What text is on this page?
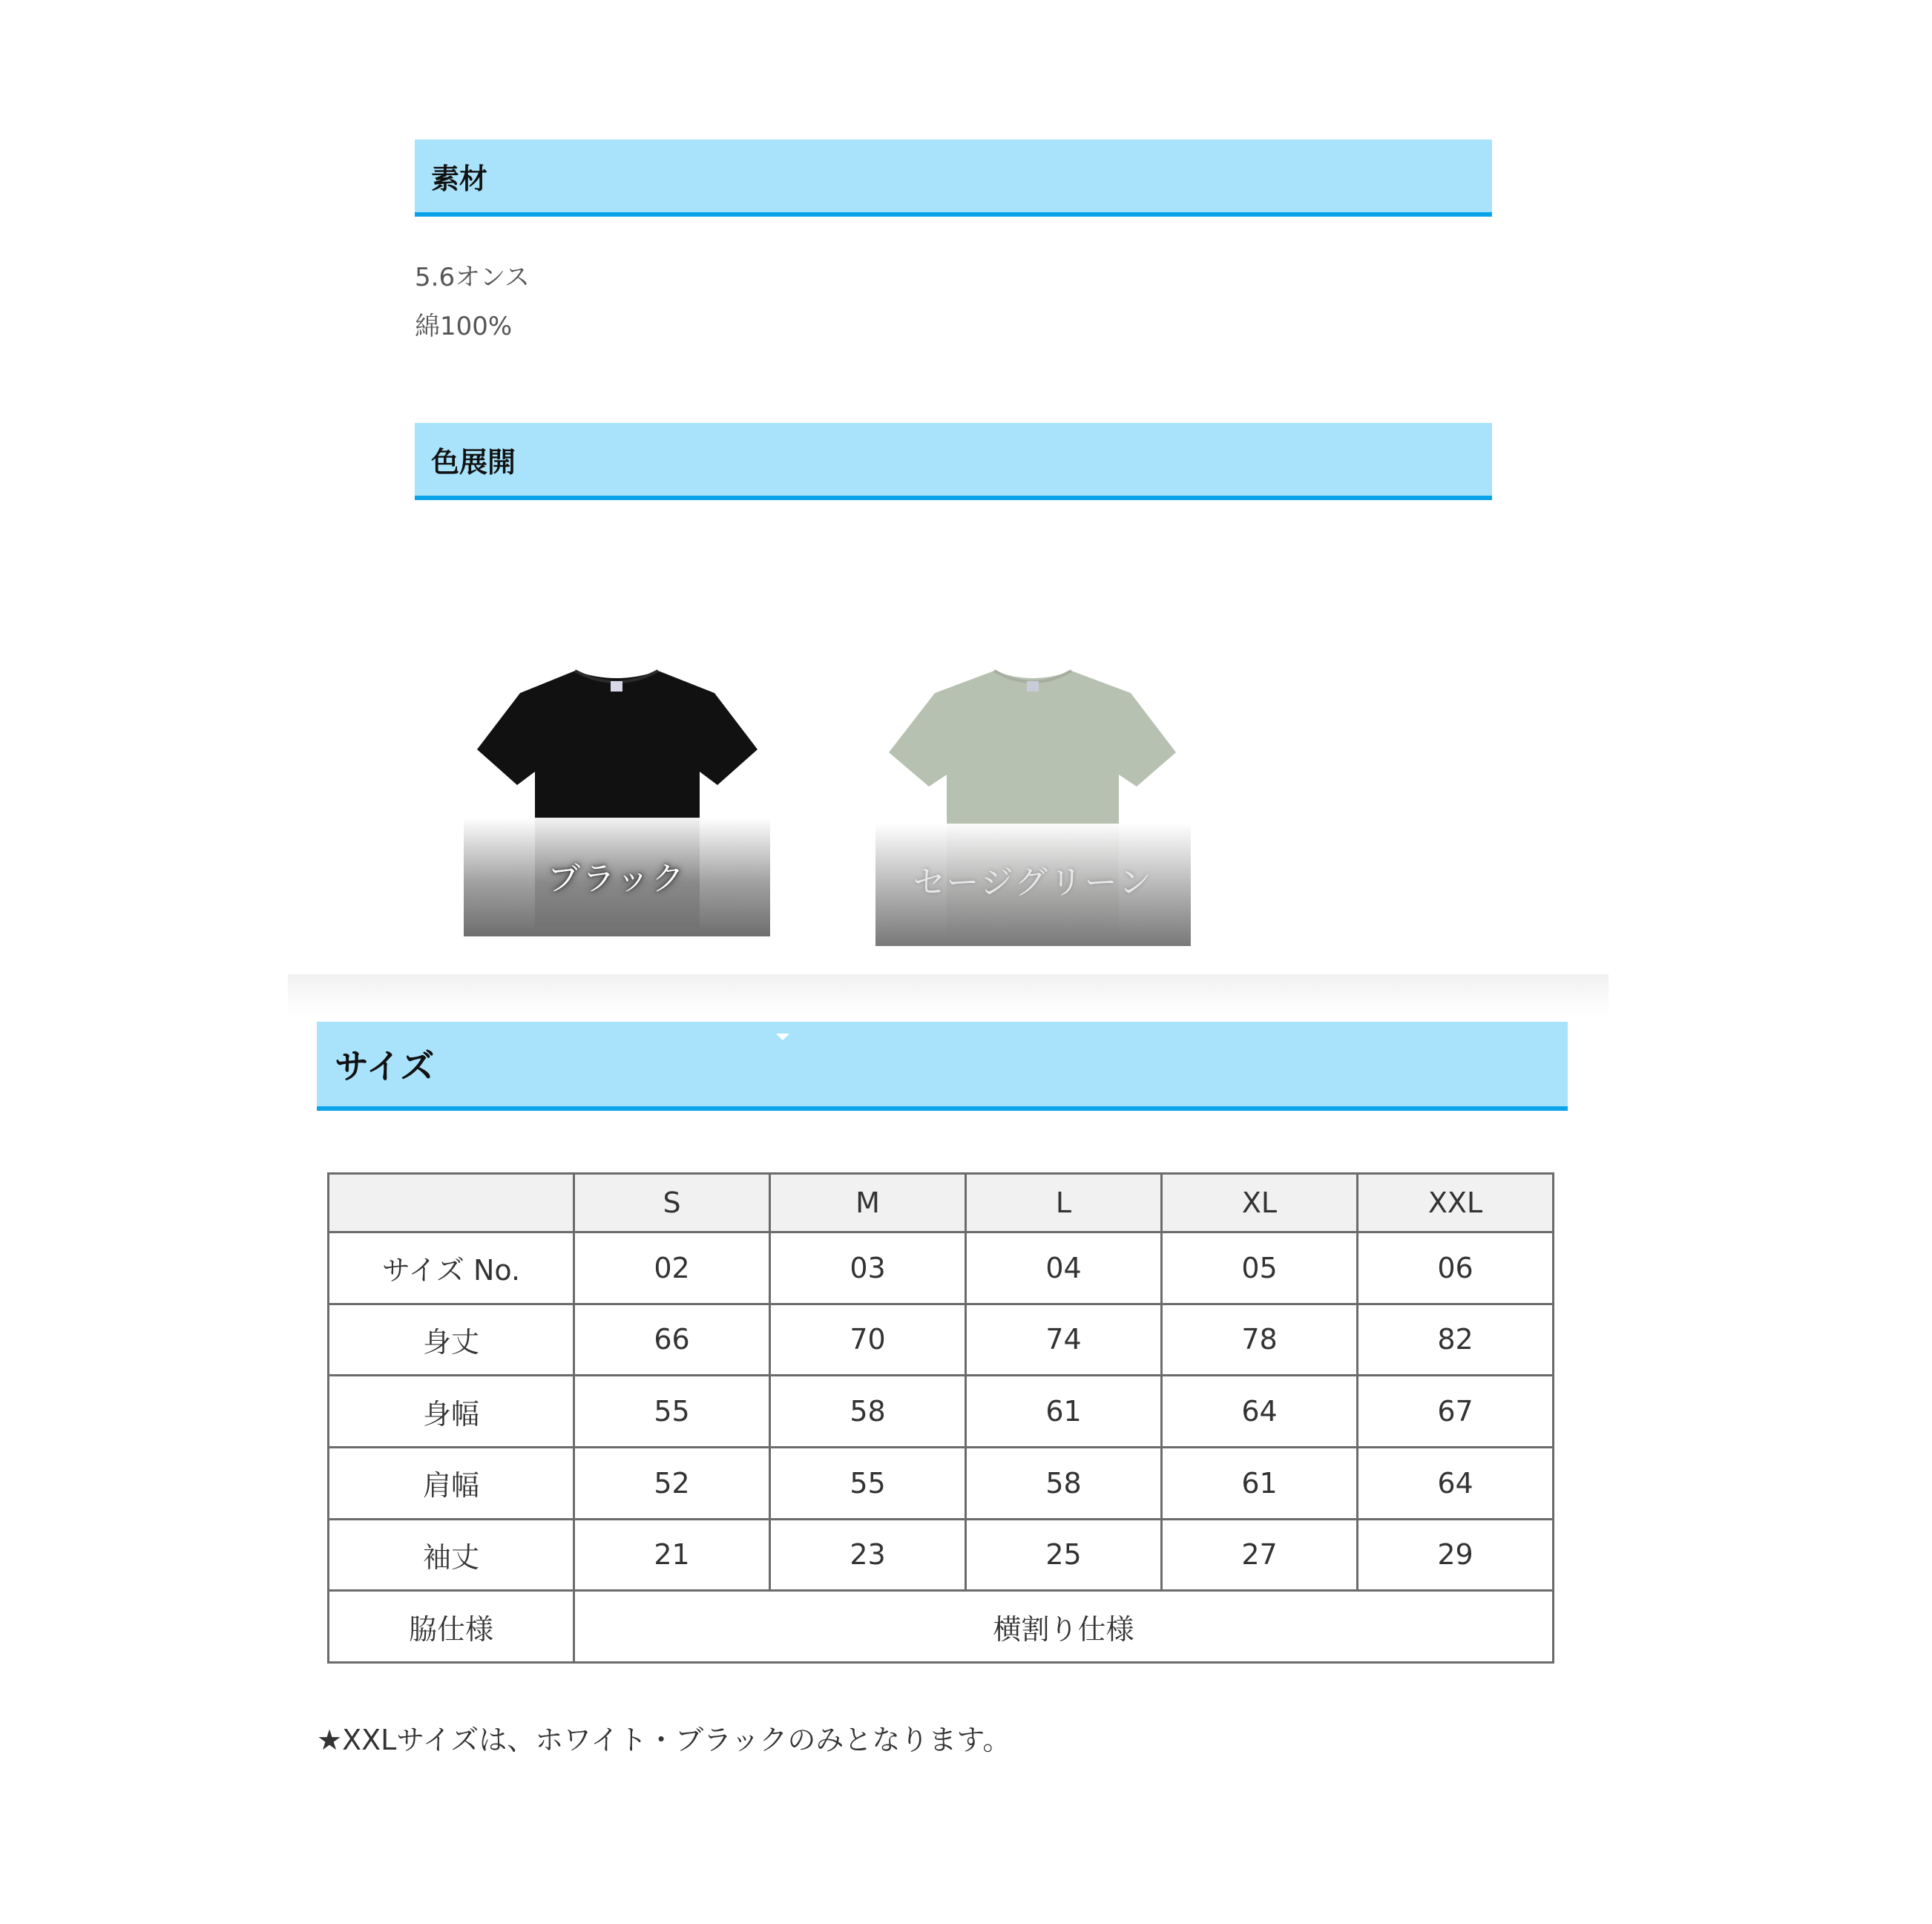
素材
5.6オンス
綿100%
色展開
ブラック	セージグリーン
サイズ
	S	M	L	XL	XXL
サイズ No.	02	03	04	05	06
身丈	66	70	74	78	82
身幅	55	58	61	64	67
肩幅	52	55	58	61	64
袖丈	21	23	25	27	29
脇仕様	横割り仕様				
★XXLサイズは、ホワイト・ブラックのみとなります。
